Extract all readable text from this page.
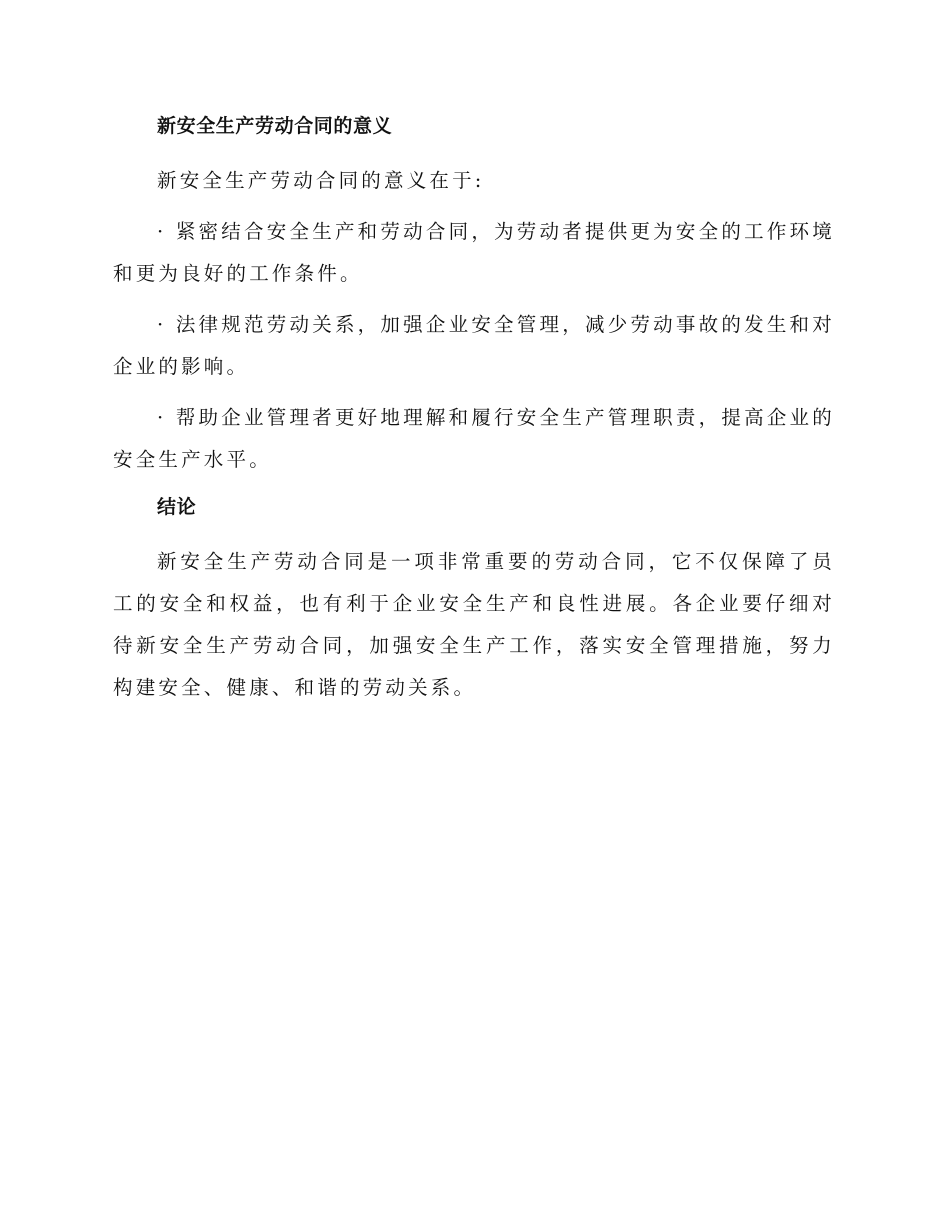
新安全生产劳动合同的意义

新安全生产劳动合同的意义在于:

· 紧密结合安全生产和劳动合同，为劳动者提供更为安全的工作环境和更为良好的工作条件。

· 法律规范劳动关系，加强企业安全管理，减少劳动事故的发生和对企业的影响。

· 帮助企业管理者更好地理解和履行安全生产管理职责，提高企业的安全生产水平。

结论

新安全生产劳动合同是一项非常重要的劳动合同，它不仅保障了员工的安全和权益，也有利于企业安全生产和良性进展。各企业要仔细对待新安全生产劳动合同，加强安全生产工作，落实安全管理措施，努力构建安全、健康、和谐的劳动关系。
